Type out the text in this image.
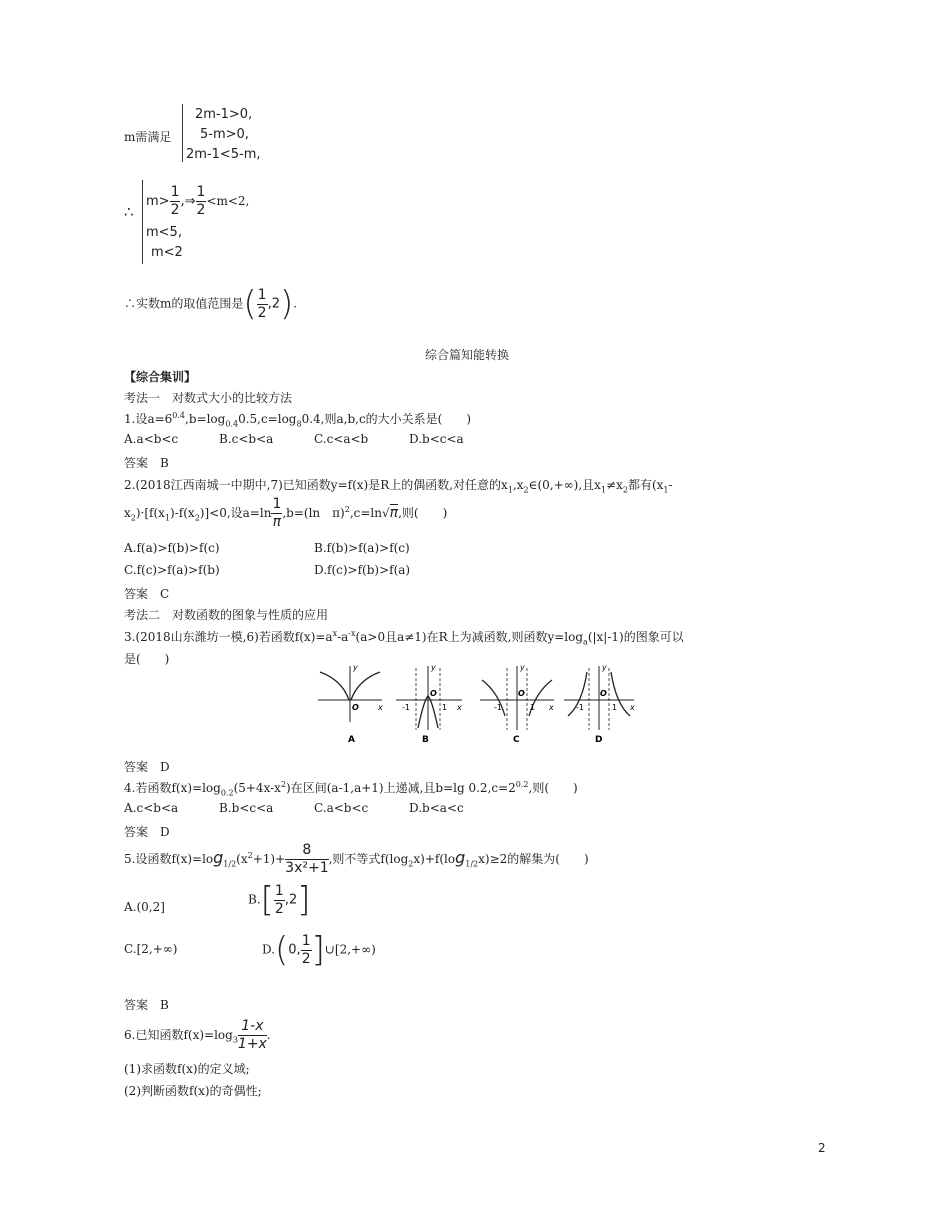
m需满足
2m-1>0,
5-m>0,
2m-1<5-m,
∴
$m> \frac{1}{2}$ ,⇒ $\frac{1}{2} <m<2$,
m<5,
m<2
∴实数m的取值范围是( $\frac{1}{2} ,2$).
综合篇知能转换
【综合集训】
考法一　对数式大小的比较方法
1.设$a=6^{0.4},b=\log_{0.4}0.5,c=\log_80.4$,则a,b,c的大小关系是(　　)
A.a<b<c	B.c<b<a	C.c<a<b	D.b<c<a
答案　B
2.(2018江西南城一中期中,7)已知函数y=f(x)是R上的偶函数,对任意的$x_1,x_2\in(0,+\infty)$,且$x_1\ne x_2$都有($x_1-$
$x_2)\cdot[f(x_1)-f(x_2)]<0$,设$a=\ln \frac{1}{\pi} ,b=(\ln$　π)$^2$,c=ln√π,则(　　)
A.f(a)>f(b)>f(c)	B.f(b)>f(a)>f(c)
C.f(c)>f(a)>f(b)	D.f(c)>f(b)>f(a)
答案　C
考法二　对数函数的图象与性质的应用
3.(2018山东潍坊一模,6)若函数$f(x)=a^x-a^{-x}(a>0$且a≠1)在R上为减函数,则函数$y=\log_a(|x|-1)$的图象可以
是(　　)
y
x
O
A
y
x
O
-1	1
B
y
x
O
-1	1
C
y
x
O
-1	1
D
答案　D
4.若函数$f(x)=\log_{0.2}(5+4x-x^2)$在区间(a-1,a+1)上递减,且b=lg $0.2,c=2^{0.2}$,则(　　)
A.c<b<a	B.b<c<a	C.a<b<c	D.b<a<c
答案　D
5.设函数$f(x)=\log_{1/2}(x^2+1)+ \frac{8}{\text{3x²+1}}$ ,则不等式$f(\log_2x)+f(\log_{1/2}x)\ge 2$的解集为(　　)
A.(0,2]
$B.[ \frac{1}{2} ,2]$
C.[2,+∞)	D.(0, $\frac{1}{2}$ ]∪[2,+∞)
答案　B
6.已知函数$f(x)=\log_3 \frac{1-x}{1+x}$ .
(1)求函数f(x)的定义域;
(2)判断函数f(x)的奇偶性;
2
